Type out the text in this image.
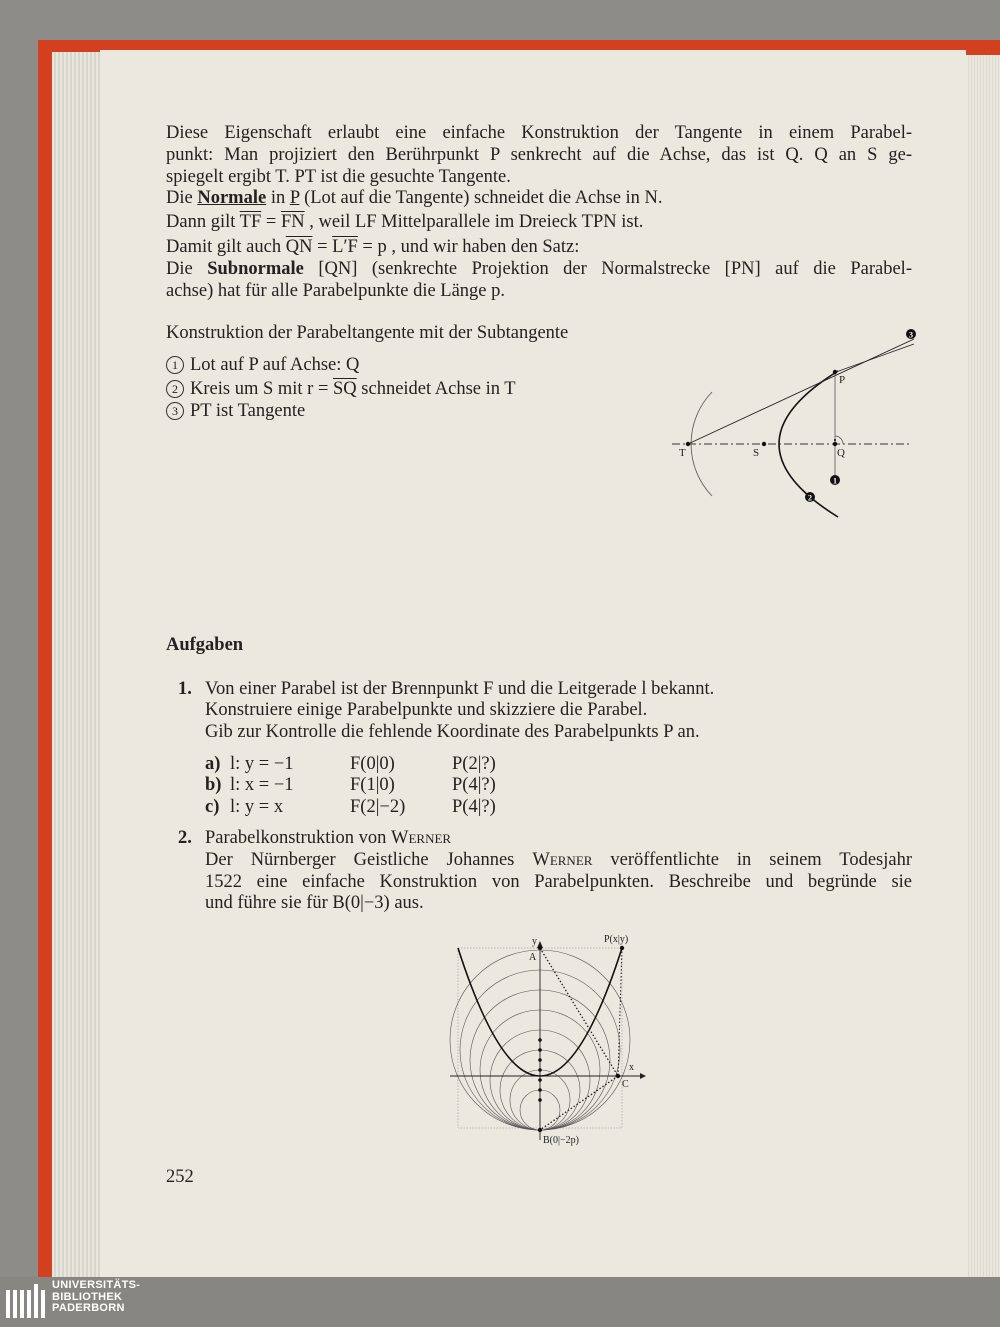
Diese Eigenschaft erlaubt eine einfache Konstruktion der Tangente in einem Parabel-
punkt: Man projiziert den Berührpunkt P senkrecht auf die Achse, das ist Q. Q an S ge-
spiegelt ergibt T. PT ist die gesuchte Tangente.
Die Normale in P (Lot auf die Tangente) schneidet die Achse in N.
Dann gilt $\overline{TF} = \overline{FN}$ , weil LF Mittelparallele im Dreieck TPN ist.
Damit gilt auch $\overline{QN} = L'F = p$ , und wir haben den Satz:
Die Subnormale [QN] (senkrechte Projektion der Normalstrecke [PN] auf die Parabel-
achse) hat für alle Parabelpunkte die Länge p.
Konstruktion der Parabeltangente mit der Subtangente
1 Lot auf P auf Achse: Q
2 Kreis um S mit $r = \overline{SQ}$ schneidet Achse in T
3 PT ist Tangente
T	S	Q
P
1
2
3
Aufgaben
1. Von einer Parabel ist der Brennpunkt F und die Leitgerade l bekannt.
Konstruiere einige Parabelpunkte und skizziere die Parabel.
Gib zur Kontrolle die fehlende Koordinate des Parabelpunkts P an.
a) l: y = −1	F(0|0)	P(2|?)
b) l: x = −1	F(1|0)	P(4|?)
c) l: y = x	F(2|−2)	P(4|?)
2. Parabelkonstruktion von Werner
Der Nürnberger Geistliche Johannes Werner veröffentlichte in seinem Todesjahr
1522 eine einfache Konstruktion von Parabelpunkten. Beschreibe und begründe sie
und führe sie für B(0|−3) aus.
y
A
P(x|y)
x
C
B(0|−2p)
252
UNIVERSITÄTS-
BIBLIOTHEK
PADERBORN
